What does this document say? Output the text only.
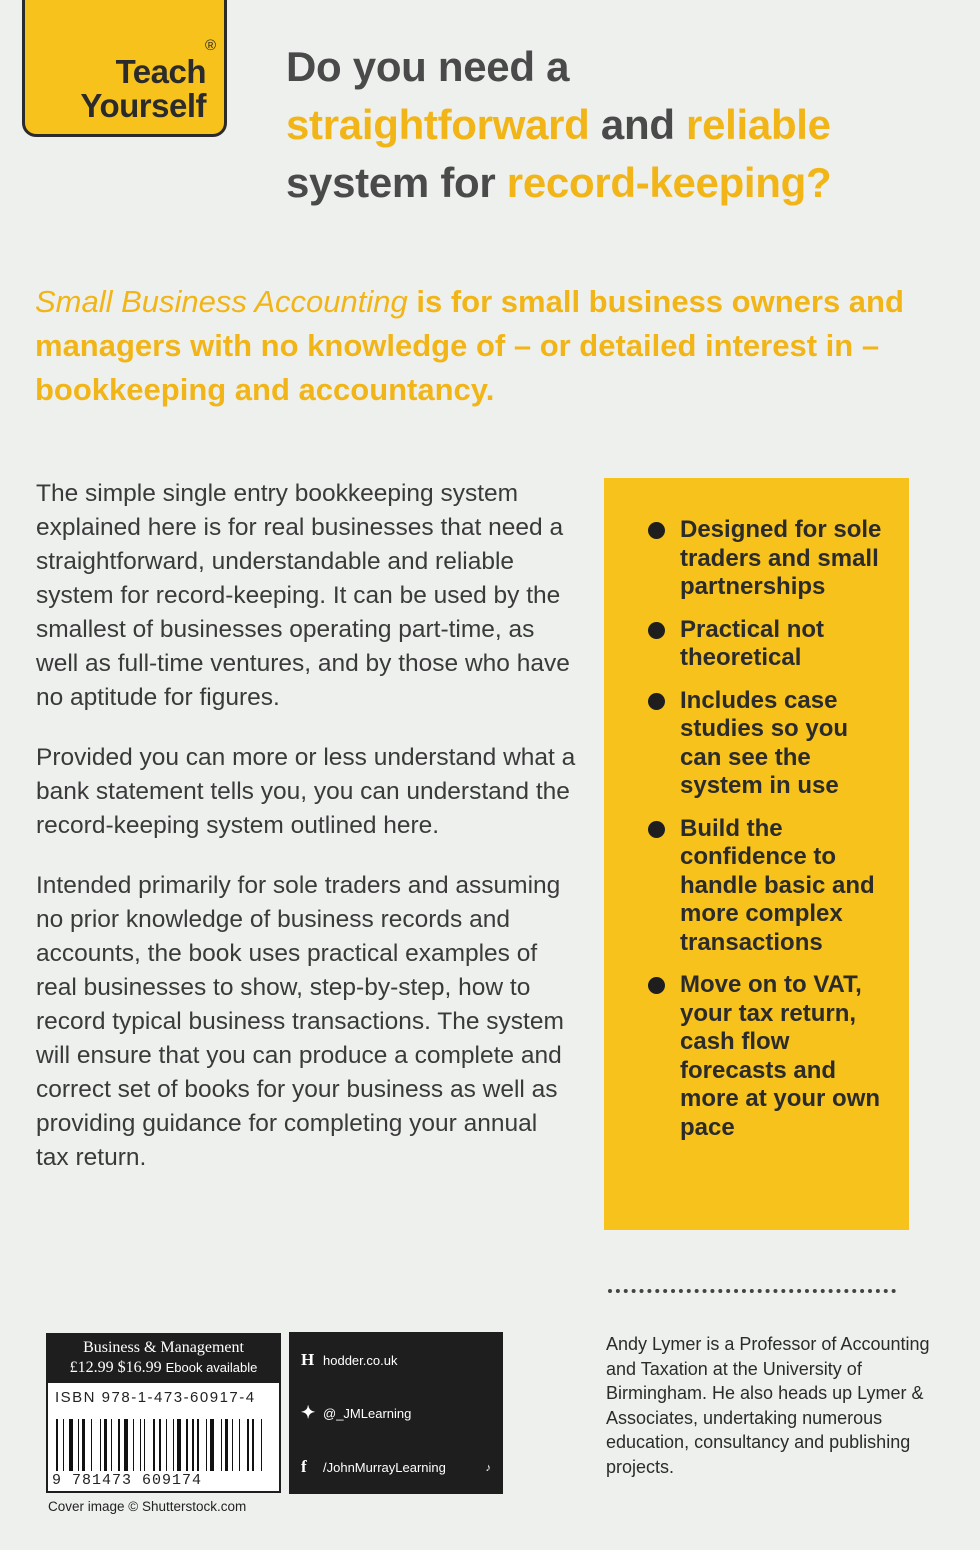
®
Teach
Yourself
Do you need a
straightforward and reliable
system for record-keeping?
Small Business Accounting is for small business owners and managers with no knowledge of – or detailed interest in – bookkeeping and accountancy.

The simple single entry bookkeeping system explained here is for real businesses that need a straightforward, understandable and reliable system for record-keeping. It can be used by the smallest of businesses operating part-time, as well as full-time ventures, and by those who have no aptitude for figures.

Provided you can more or less understand what a bank statement tells you, you can understand the record-keeping system outlined here.

Intended primarily for sole traders and assuming no prior knowledge of business records and accounts, the book uses practical examples of real businesses to show, step-by-step, how to record typical business transactions. The system will ensure that you can produce a complete and correct set of books for your business as well as providing guidance for completing your annual tax return.

Designed for sole traders and small partnerships
Practical not theoretical
Includes case studies so you can see the system in use
Build the confidence to handle basic and more complex transactions
Move on to VAT, your tax return, cash flow forecasts and more at your own pace
Business & Management
£12.99 $16.99 Ebook available
ISBN 978-1-473-60917-4
9 781473 609174
Cover image © Shutterstock.com
H hodder.co.uk
✦ @_JMLearning
f /JohnMurrayLearning	♪
Andy Lymer is a Professor of Accounting and Taxation at the University of Birmingham. He also heads up Lymer & Associates, undertaking numerous education, consultancy and publishing projects.
